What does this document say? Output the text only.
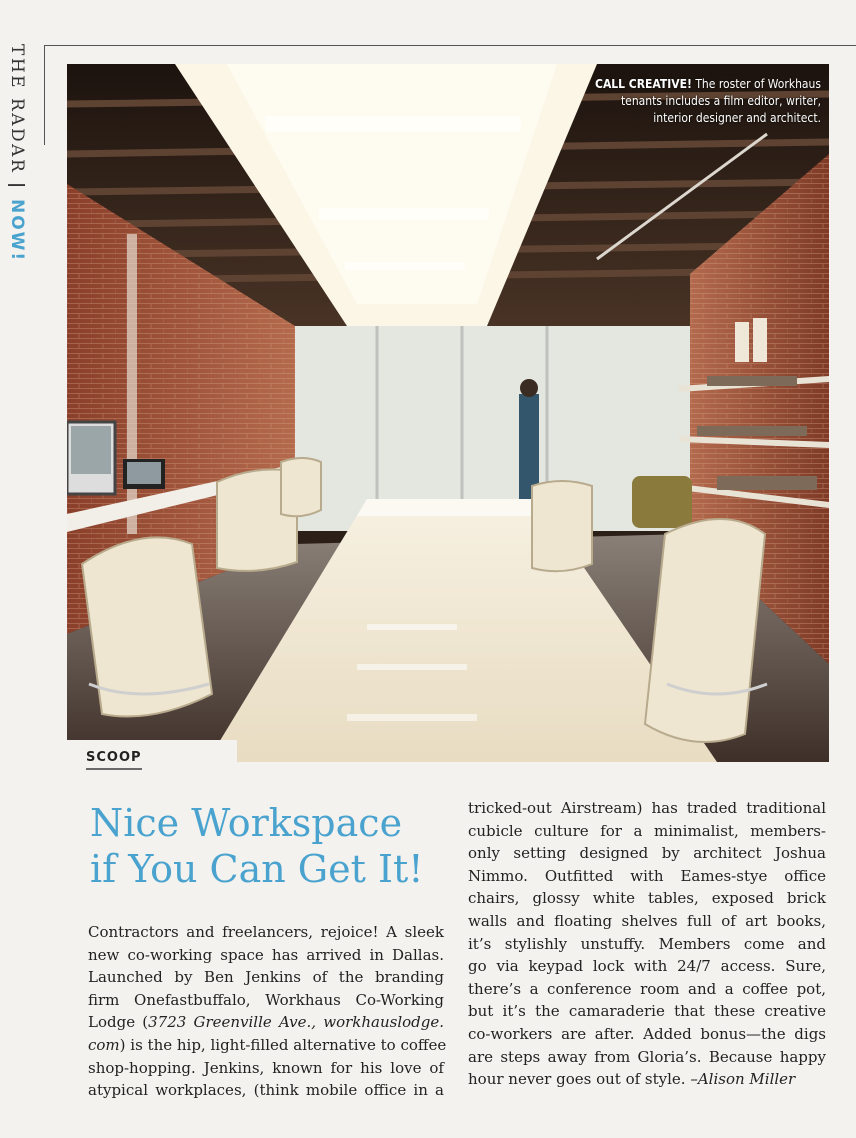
THE RADAR|NOW!
CALL CREATIVE! The roster of Workhaus
tenants includes a film editor, writer,
interior designer and architect.
SCOOP
Nice Workspace
if You Can Get It!
Contractors and freelancers, rejoice! A sleek
new co-working space has arrived in Dallas.
Launched by Ben Jenkins of the branding
firm Onefastbuffalo, Workhaus Co-Working
Lodge (3723 Greenville Ave., workhauslodge.
com) is the hip, light-filled alternative to coffee
shop-hopping. Jenkins, known for his love of
atypical workplaces, (think mobile office in a
tricked-out Airstream) has traded traditional
cubicle culture for a minimalist, members-
only setting designed by architect Joshua
Nimmo. Outfitted with Eames-stye office
chairs, glossy white tables, exposed brick
walls and floating shelves full of art books,
it’s stylishly unstuffy. Members come and
go via keypad lock with 24/7 access. Sure,
there’s a conference room and a coffee pot,
but it’s the camaraderie that these creative
co-workers are after. Added bonus—the digs
are steps away from Gloria’s. Because happy
hour never goes out of style. –Alison Miller
